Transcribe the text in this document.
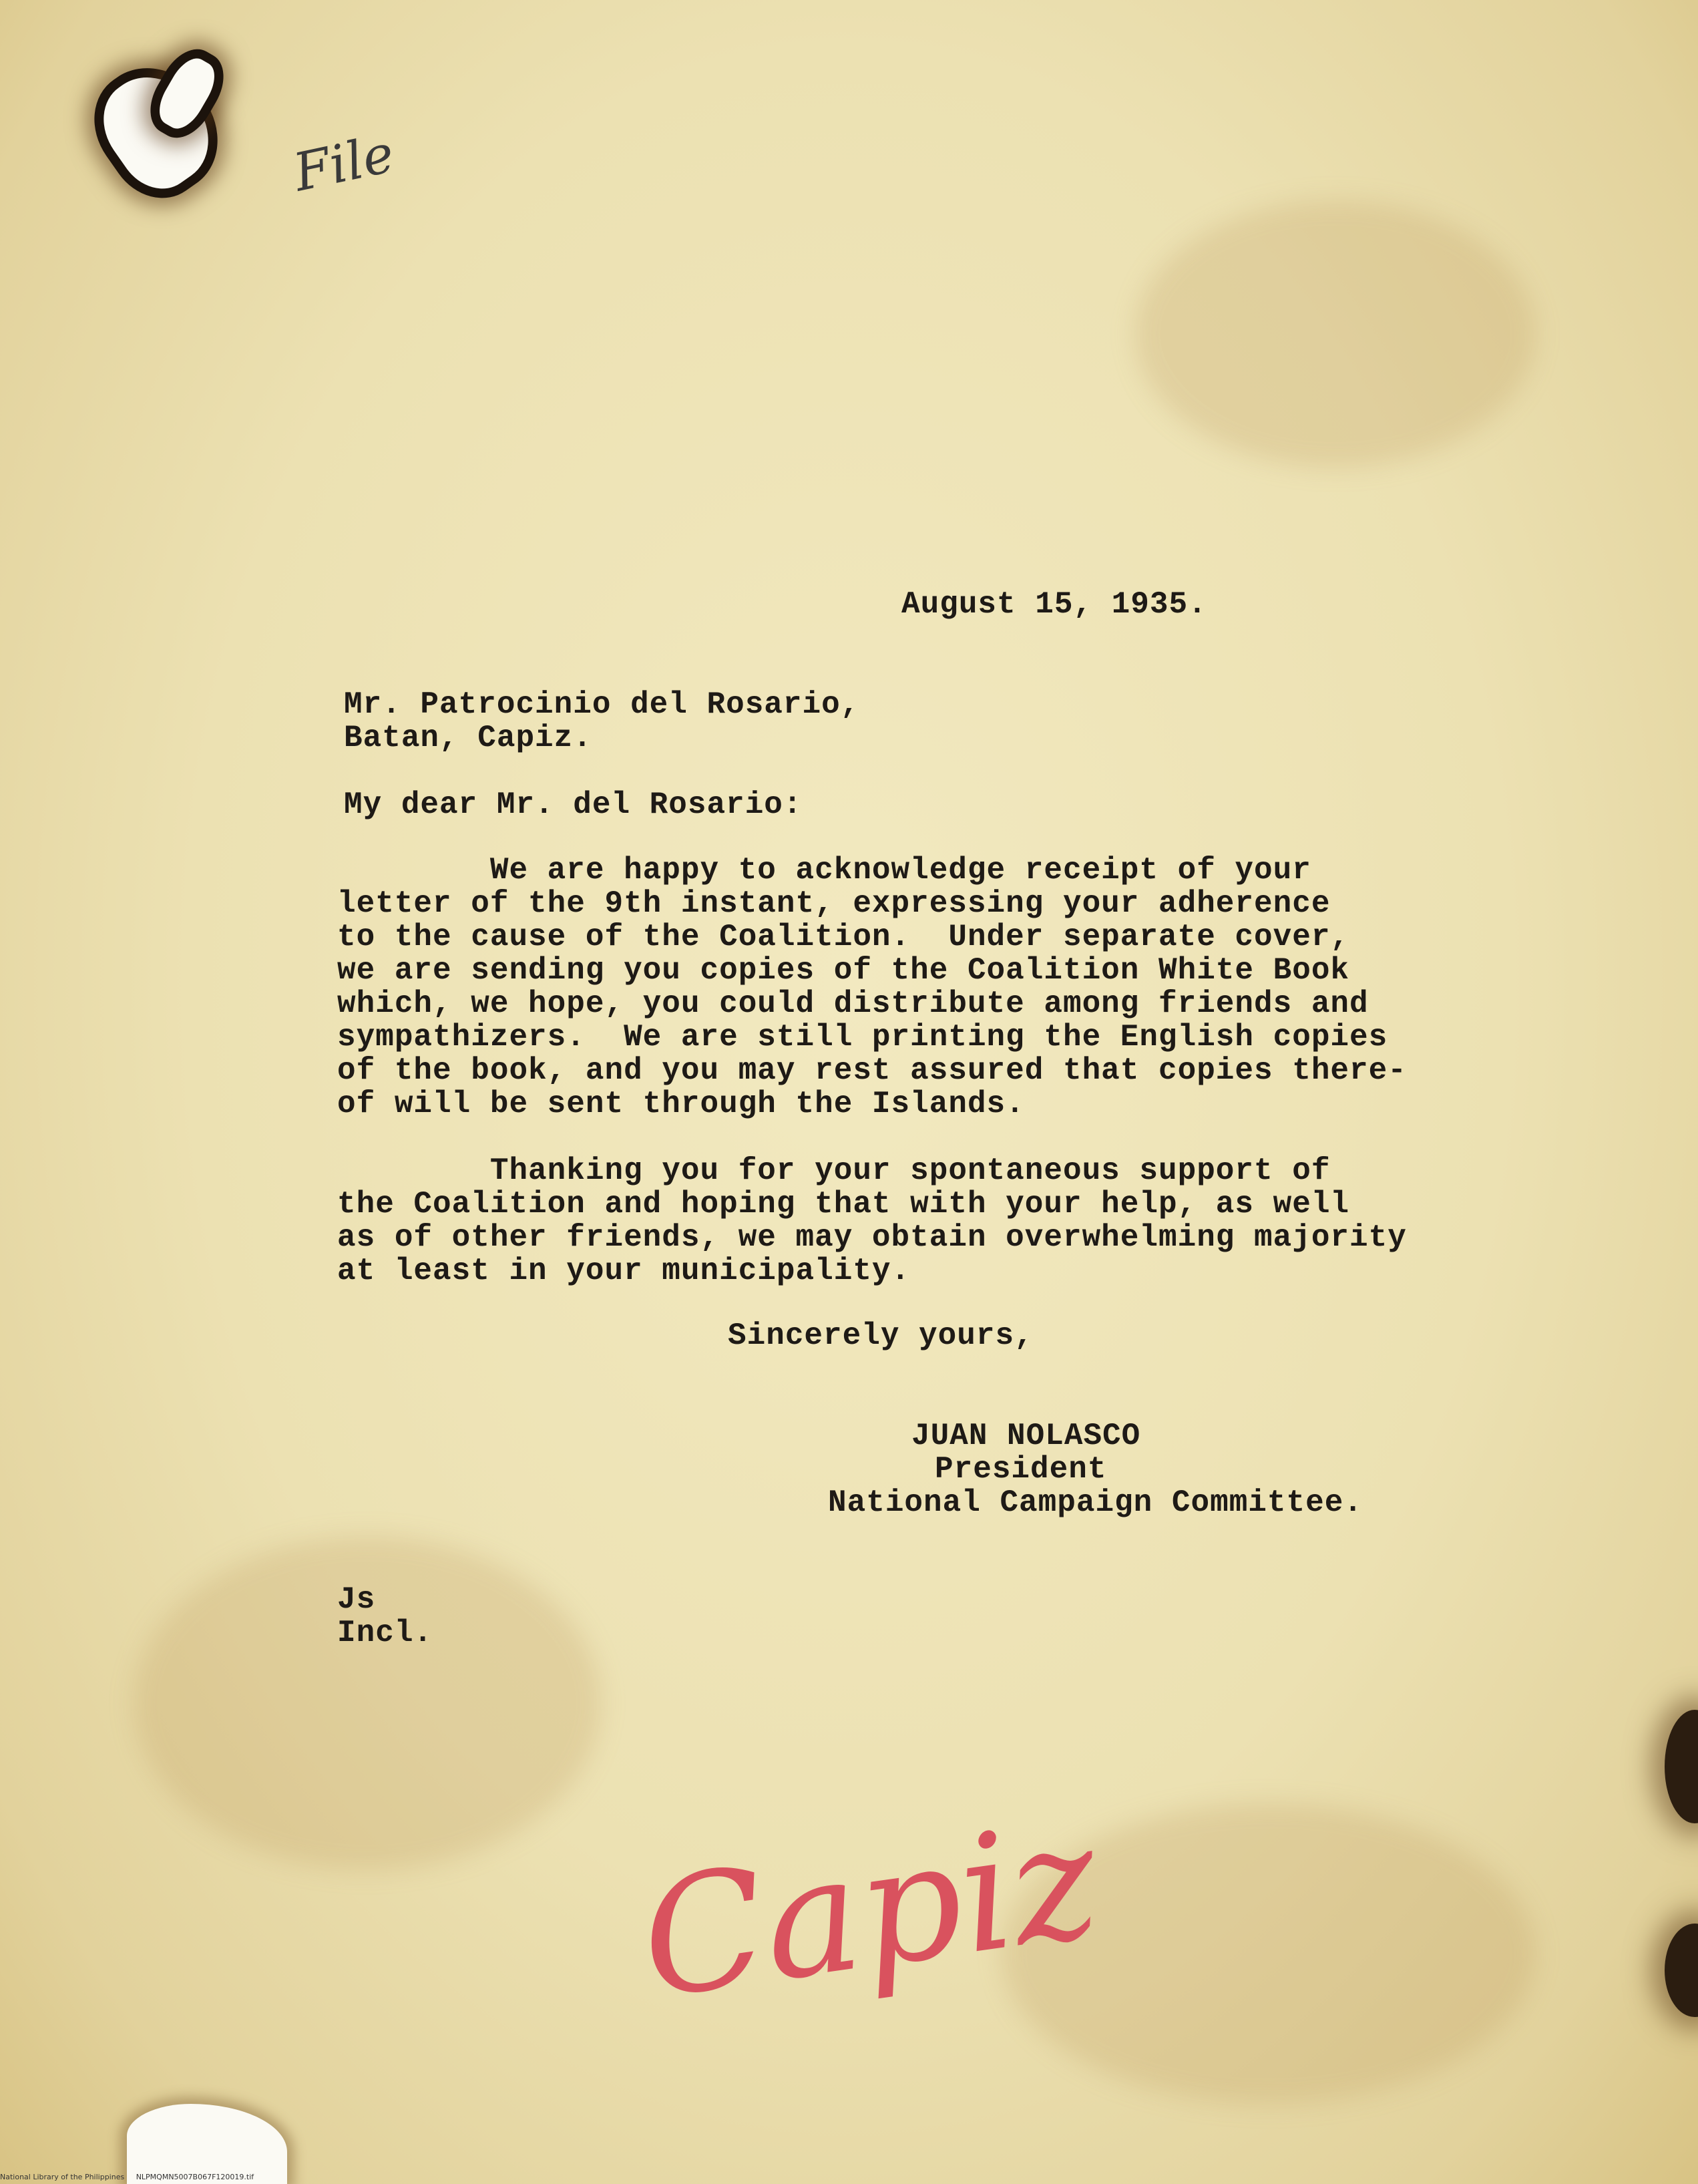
File
August 15, 1935.
Mr. Patrocinio del Rosario,
Batan, Capiz.
My dear Mr. del Rosario:
We are happy to acknowledge receipt of your
letter of the 9th instant, expressing your adherence
to the cause of the Coalition.  Under separate cover,
we are sending you copies of the Coalition White Book
which, we hope, you could distribute among friends and
sympathizers.  We are still printing the English copies
of the book, and you may rest assured that copies there-
of will be sent through the Islands.
Thanking you for your spontaneous support of
the Coalition and hoping that with your help, as well
as of other friends, we may obtain overwhelming majority
at least in your municipality.
Sincerely yours,
JUAN NOLASCO
President
National Campaign Committee.
Js
Incl.
Capiz
National Library of the Philippines     NLPMQMN5007B067F120019.tif
